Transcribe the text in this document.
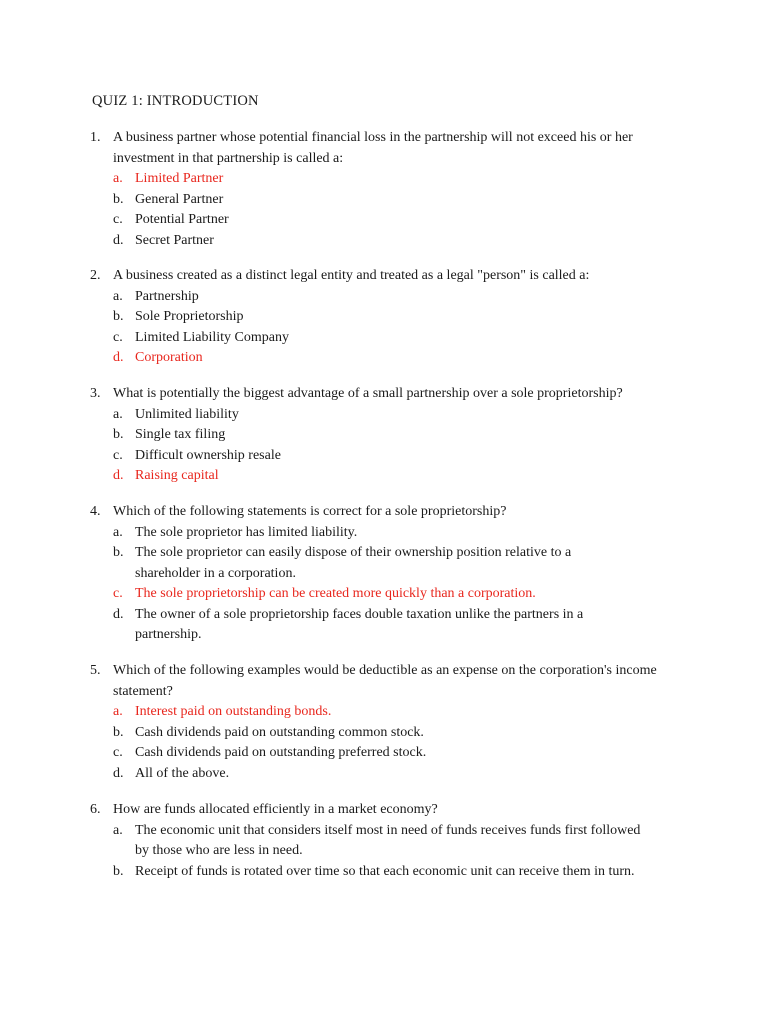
QUIZ 1: INTRODUCTION
1. A business partner whose potential financial loss in the partnership will not exceed his or her investment in that partnership is called a:
a. Limited Partner
b. General Partner
c. Potential Partner
d. Secret Partner
2. A business created as a distinct legal entity and treated as a legal "person" is called a:
a. Partnership
b. Sole Proprietorship
c. Limited Liability Company
d. Corporation
3. What is potentially the biggest advantage of a small partnership over a sole proprietorship?
a. Unlimited liability
b. Single tax filing
c. Difficult ownership resale
d. Raising capital
4. Which of the following statements is correct for a sole proprietorship?
a. The sole proprietor has limited liability.
b. The sole proprietor can easily dispose of their ownership position relative to a shareholder in a corporation.
c. The sole proprietorship can be created more quickly than a corporation.
d. The owner of a sole proprietorship faces double taxation unlike the partners in a partnership.
5. Which of the following examples would be deductible as an expense on the corporation's income statement?
a. Interest paid on outstanding bonds.
b. Cash dividends paid on outstanding common stock.
c. Cash dividends paid on outstanding preferred stock.
d. All of the above.
6. How are funds allocated efficiently in a market economy?
a. The economic unit that considers itself most in need of funds receives funds first followed by those who are less in need.
b. Receipt of funds is rotated over time so that each economic unit can receive them in turn.
